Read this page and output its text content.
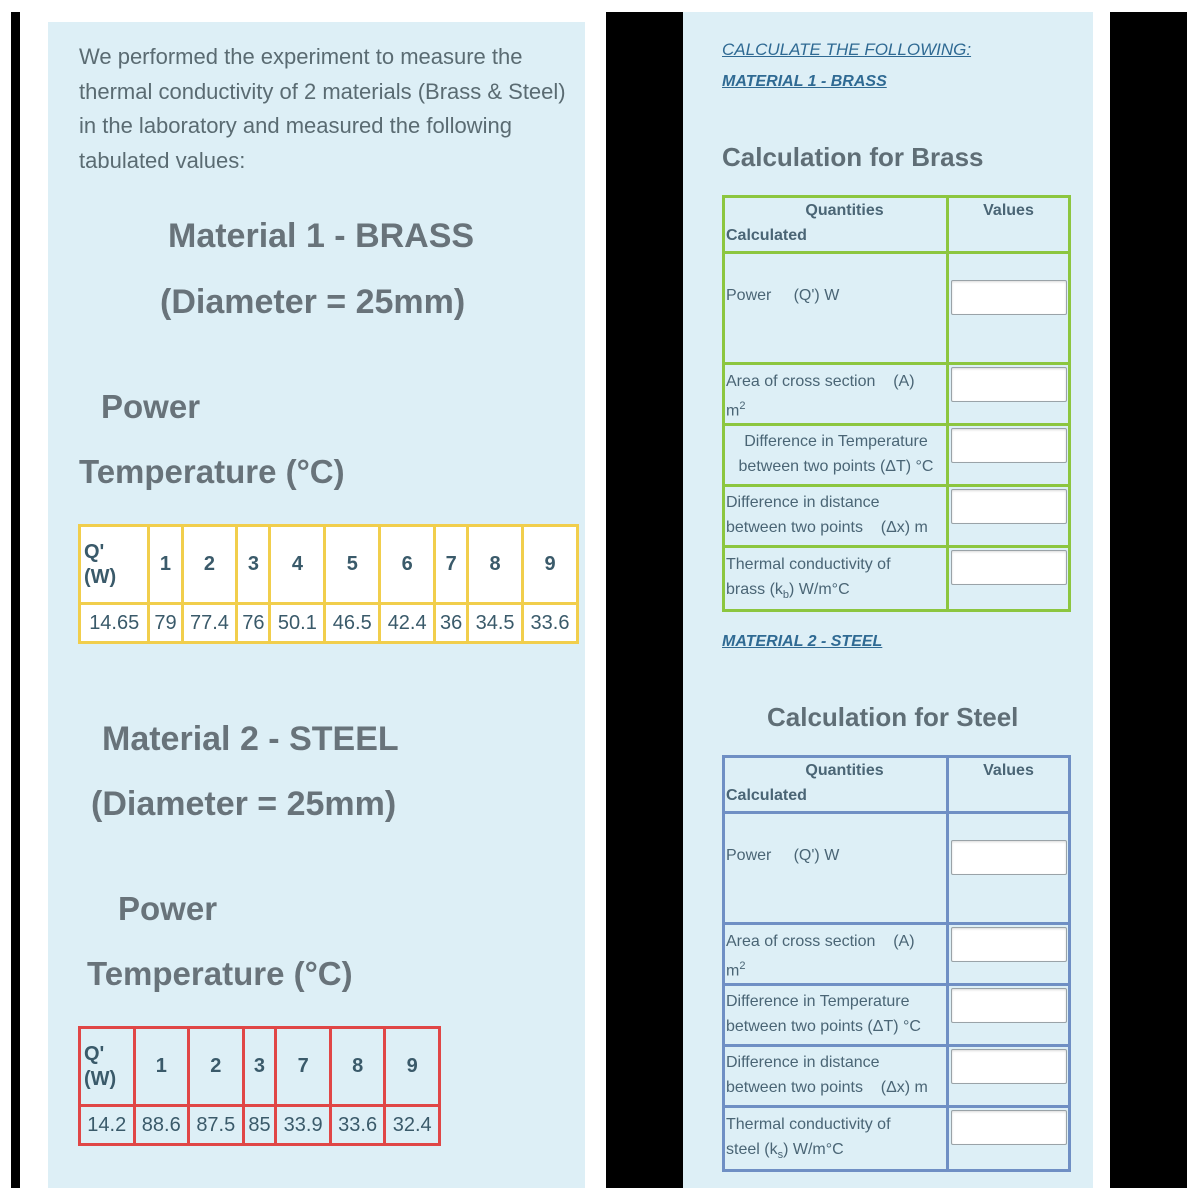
We performed the experiment to measure the thermal conductivity of 2 materials (Brass & Steel) in the laboratory and measured the following tabulated values:
Material 1 - BRASS
(Diameter = 25mm)
Power
Temperature (°C)
Q'
(W)	1	2	3	4	5	6	7	8	9
14.65	79	77.4	76	50.1	46.5	42.4	36	34.5	33.6
Material 2 - STEEL
(Diameter = 25mm)
Power
Temperature (°C)
Q'
(W)	1	2	3	7	8	9
14.2	88.6	87.5	85	33.9	33.6	32.4
CALCULATE THE FOLLOWING:
MATERIAL 1 - BRASS
Calculation for Brass
Quantities
Calculated	Values

Power (Q') W

Area of cross section (A)
$m^2$

Difference in Temperature
between two points (ΔT) °C

Difference in distance
between two points (Δx) m

Thermal conductivity of
brass $(k_b)$ W/m°C

MATERIAL 2 - STEEL
Calculation for Steel
Quantities
Calculated	Values

Power (Q') W

Area of cross section (A)
$m^2$

Difference in Temperature
between two points (ΔT) °C

Difference in distance
between two points (Δx) m

Thermal conductivity of
steel $(k_s)$ W/m°C
